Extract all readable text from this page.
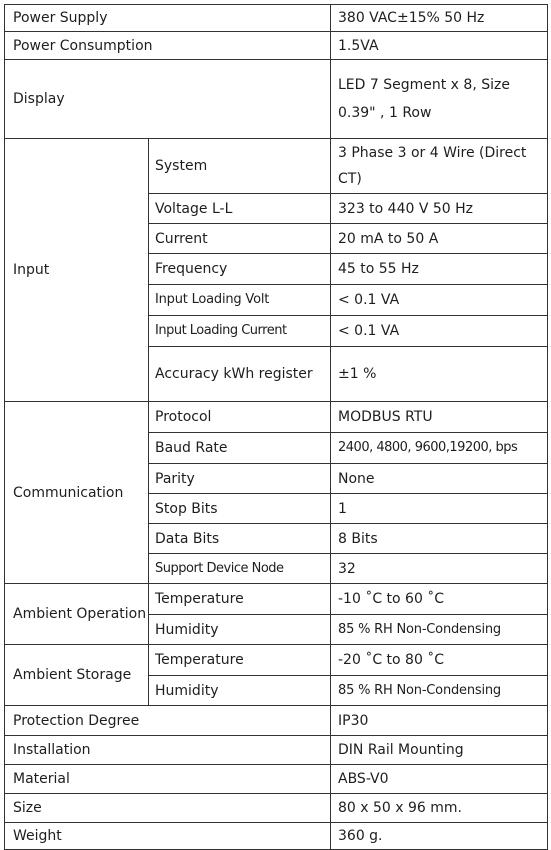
Power Supply		380 VAC±15% 50 Hz
Power Consumption		1.5VA
Display		LED 7 Segment x 8, Size 0.39" , 1 Row
Input	System	3 Phase 3 or 4 Wire (Direct CT)
	Voltage L-L	323 to 440 V 50 Hz
	Current	20 mA to 50 A
	Frequency	45 to 55 Hz
	Input Loading Volt	< 0.1 VA
	Input Loading Current	< 0.1 VA
	Accuracy kWh register	±1 %
Communication	Protocol	MODBUS RTU
	Baud Rate	2400, 4800, 9600,19200, bps
	Parity	None
	Stop Bits	1
	Data Bits	8 Bits
	Support Device Node	32
Ambient Operation	Temperature	-10 ˚C to 60 ˚C
	Humidity	85 % RH Non-Condensing
Ambient Storage	Temperature	-20 ˚C to 80 ˚C
	Humidity	85 % RH Non-Condensing
Protection Degree		IP30
Installation		DIN Rail Mounting
Material		ABS-V0
Size		80 x 50 x 96 mm.
Weight		360 g.
